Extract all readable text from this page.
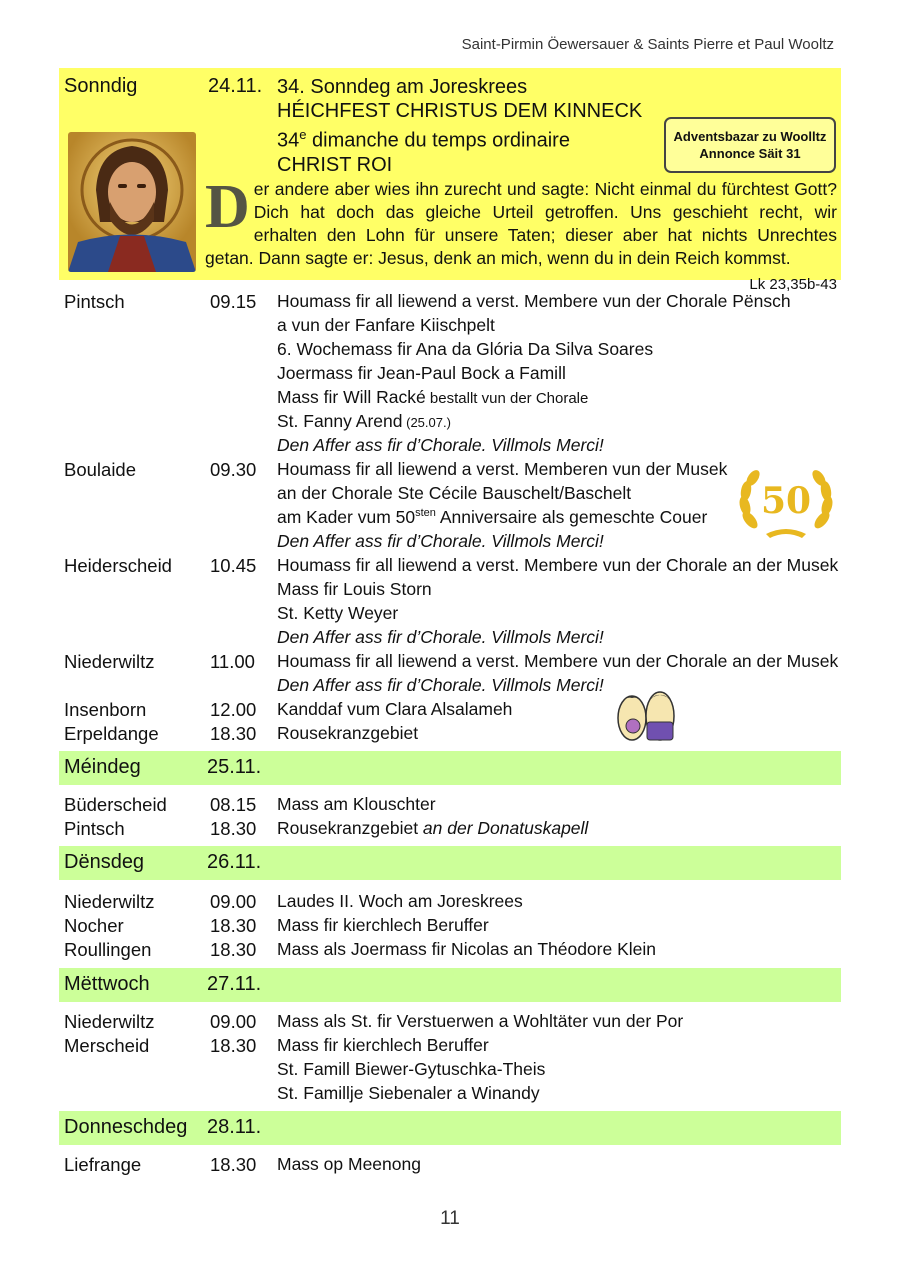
Saint-Pirmin Öewersauer & Saints Pierre et Paul Wooltz
Sonndig	24.11. 34. Sonndeg am Joreskrees
HÉICHFEST CHRISTUS DEM KINNECK
34e dimanche du temps ordinaire
CHRIST ROI
Adventsbazar zu Woolltz
Annonce Säit 31
Der andere aber wies ihn zurecht und sagte: Nicht einmal du fürchtest Gott? Dich hat doch das gleiche Urteil getroffen. Uns geschieht recht, wir erhalten den Lohn für unsere Taten; dieser aber hat nichts Unrechtes getan. Dann sagte er: Jesus, denk an mich, wenn du in dein Reich kommst.
Lk 23,35b-43
Pintsch	09.15 Houmass fir all liewend a verst. Membere vun der Chorale Pënsch
a vun der Fanfare Kiischpelt
6. Wochemass fir Ana da Glória Da Silva Soares
Joermass fir Jean-Paul Bock a Famill
Mass fir Will Racké bestallt vun der Chorale
St. Fanny Arend (25.07.)
Den Affer ass fir d’Chorale. Villmols Merci!
Boulaide	09.30 Houmass fir all liewend a verst. Memberen vun der Musek
an der Chorale Ste Cécile Bauschelt/Baschelt
am Kader vum $50^{sten}$ Anniversaire als gemeschte Couer
Den Affer ass fir d’Chorale. Villmols Merci!
50
Heiderscheid 10.45 Houmass fir all liewend a verst. Membere vun der Chorale an der Musek
Mass fir Louis Storn
St. Ketty Weyer
Den Affer ass fir d’Chorale. Villmols Merci!
Niederwiltz	11.00 Houmass fir all liewend a verst. Membere vun der Chorale an der Musek
Den Affer ass fir d’Chorale. Villmols Merci!
Insenborn	12.00 Kanddaf vum Clara Alsalameh
Erpeldange	18.30 Rousekranzgebiet
Méindeg	25.11.
Büderscheid 08.15 Mass am Klouschter
Pintsch	18.30 Rousekranzgebiet an der Donatuskapell
Dënsdeg	26.11.
Niederwiltz	09.00 Laudes II. Woch am Joreskrees
Nocher	18.30 Mass fir kierchlech Beruffer
Roullingen	18.30 Mass als Joermass fir Nicolas an Théodore Klein
Mëttwoch	27.11.
Niederwiltz	09.00 Mass als St. fir Verstuerwen a Wohltäter vun der Por
Merscheid	18.30 Mass fir kierchlech Beruffer
St. Famill Biewer-Gytuschka-Theis
St. Famillje Siebenaler a Winandy
Donneschdeg 28.11.
Liefrange	18.30 Mass op Meenong
11
